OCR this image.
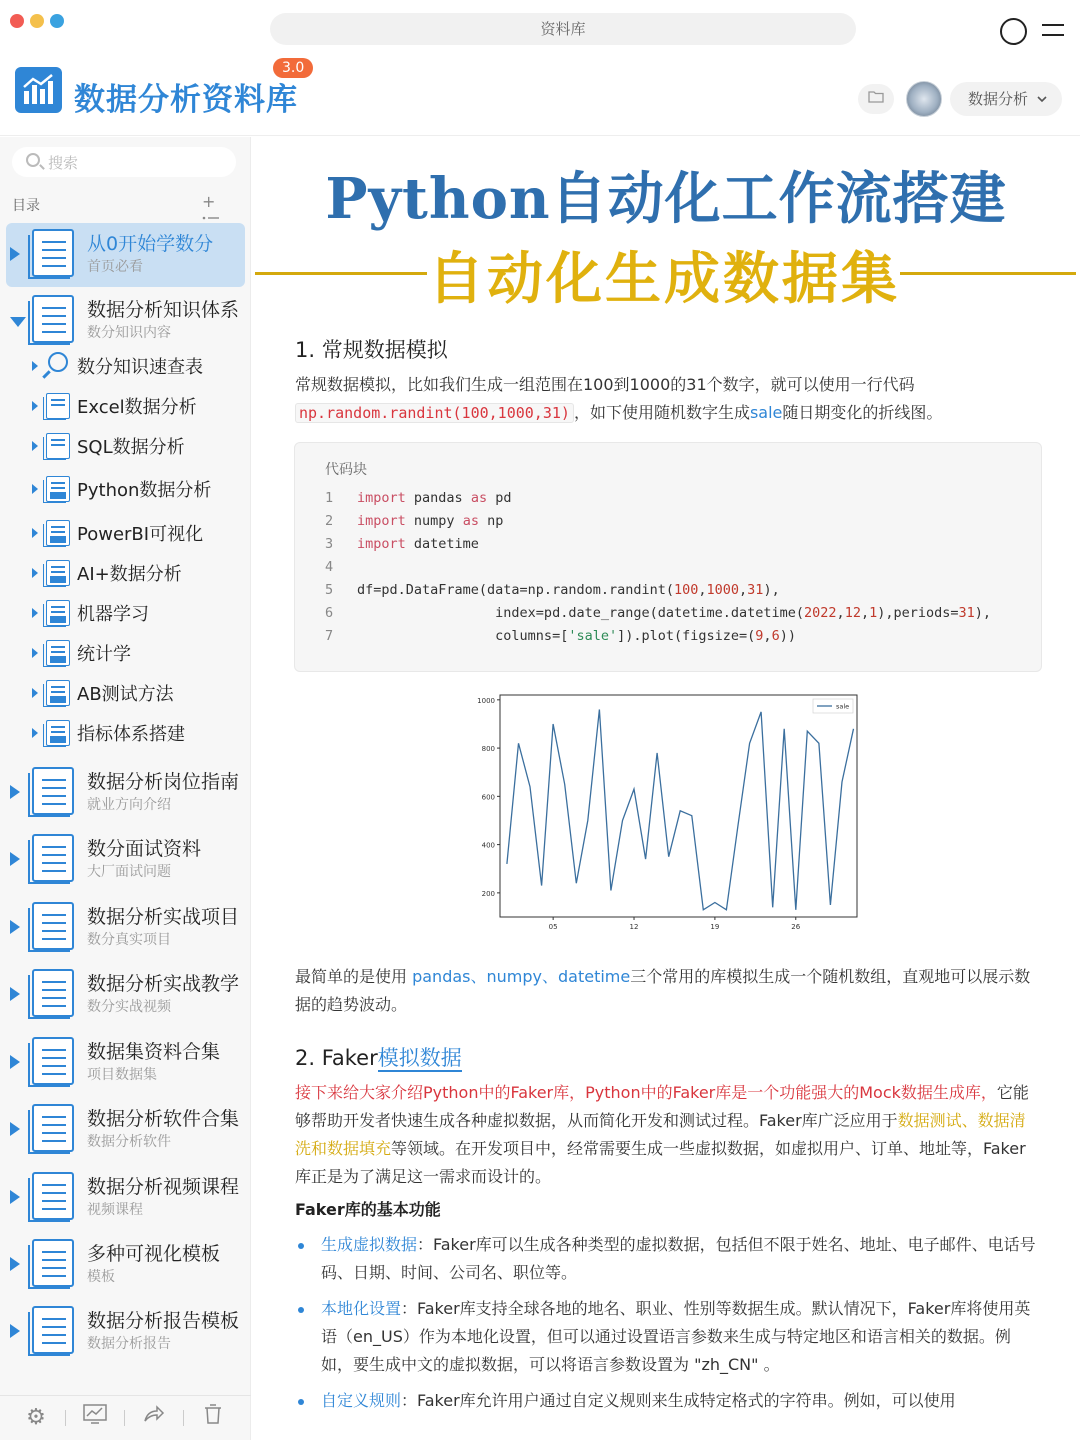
资料库
数据分析资料库
3.0
数据分析
搜索
目录	+
从0开始学数分
首页必看
数据分析知识体系
数分知识内容
数分知识速查表
Excel数据分析
SQL数据分析
Python数据分析
PowerBI可视化
AI+数据分析
机器学习
统计学
AB测试方法
指标体系搭建
数据分析岗位指南
就业方向介绍
数分面试资料
大厂面试问题
数据分析实战项目
数分真实项目
数据分析实战教学
数分实战视频
数据集资料合集
项目数据集
数据分析软件合集
数据分析软件
数据分析视频课程
视频课程
多种可视化模板
模板
数据分析报告模板
数据分析报告
⚙
Python自动化工作流搭建
自动化生成数据集
1. 常规数据模拟
常规数据模拟，比如我们生成一组范围在100到1000的31个数字，就可以使用一行代码
np.random.randint(100,1000,31) ，如下使用随机数字生成sale随日期变化的折线图。
代码块
1 import pandas as pd
2 import numpy as np
3 import datetime
4
5 df=pd.DataFrame(data=np.random.randint(100,1000,31),
6                 index=pd.date_range(datetime.datetime(2022,12,1),periods=31),
7                 columns=['sale']).plot(figsize=(9,6))
200
400
600
800
1000
05	12	19	26
sale
最简单的是使用 pandas、numpy、datetime三个常用的库模拟生成一个随机数组，直观地可以展示数据的趋势波动。
2. Faker模拟数据
接下来给大家介绍Python中的Faker库，Python中的Faker库是一个功能强大的Mock数据生成库，它能够帮助开发者快速生成各种虚拟数据，从而简化开发和测试过程。Faker库广泛应用于数据测试、数据清洗和数据填充等领域。在开发项目中，经常需要生成一些虚拟数据，如虚拟用户、订单、地址等，Faker库正是为了满足这一需求而设计的。
Faker库的基本功能
生成虚拟数据：Faker库可以生成各种类型的虚拟数据，包括但不限于姓名、地址、电子邮件、电话号码、日期、时间、公司名、职位等。
本地化设置：Faker库支持全球各地的地名、职业、性别等数据生成。默认情况下，Faker库将使用英语（en_US）作为本地化设置，但可以通过设置语言参数来生成与特定地区和语言相关的数据。例如，要生成中文的虚拟数据，可以将语言参数设置为 "zh_CN" 。
自定义规则：Faker库允许用户通过自定义规则来生成特定格式的字符串。例如，可以使用
